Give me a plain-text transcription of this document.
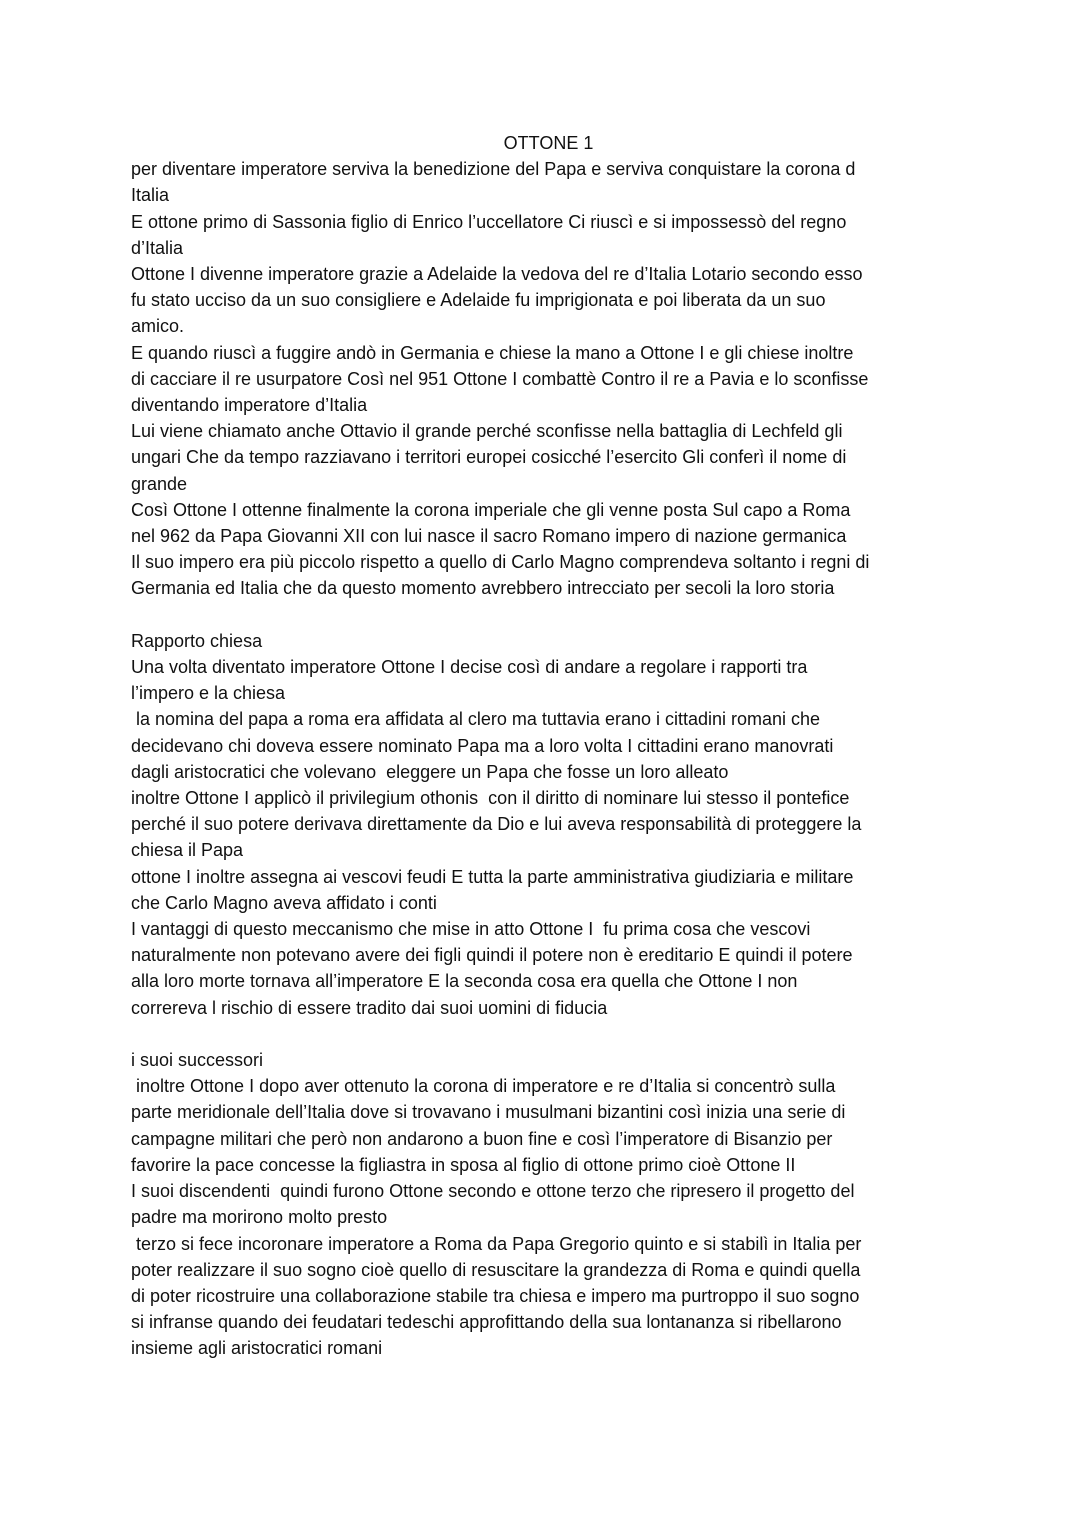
OTTONE 1
per diventare imperatore serviva la benedizione del Papa e serviva conquistare la corona d
Italia
E ottone primo di Sassonia figlio di Enrico l’uccellatore Ci riuscì e si impossessò del regno
d’Italia
Ottone I divenne imperatore grazie a Adelaide la vedova del re d’Italia Lotario secondo esso
fu stato ucciso da un suo consigliere e Adelaide fu imprigionata e poi liberata da un suo
amico.
E quando riuscì a fuggire andò in Germania e chiese la mano a Ottone I e gli chiese inoltre
di cacciare il re usurpatore Così nel 951 Ottone I combattè Contro il re a Pavia e lo sconfisse
diventando imperatore d’Italia
Lui viene chiamato anche Ottavio il grande perché sconfisse nella battaglia di Lechfeld gli
ungari Che da tempo razziavano i territori europei cosicché l’esercito Gli conferì il nome di
grande
Così Ottone I ottenne finalmente la corona imperiale che gli venne posta Sul capo a Roma
nel 962 da Papa Giovanni XII con lui nasce il sacro Romano impero di nazione germanica
Il suo impero era più piccolo rispetto a quello di Carlo Magno comprendeva soltanto i regni di
Germania ed Italia che da questo momento avrebbero intrecciato per secoli la loro storia
Rapporto chiesa
Una volta diventato imperatore Ottone I decise così di andare a regolare i rapporti tra
l’impero e la chiesa
la nomina del papa a roma era affidata al clero ma tuttavia erano i cittadini romani che
decidevano chi doveva essere nominato Papa ma a loro volta I cittadini erano manovrati
dagli aristocratici che volevano  eleggere un Papa che fosse un loro alleato
inoltre Ottone I applicò il privilegium othonis  con il diritto di nominare lui stesso il pontefice
perché il suo potere derivava direttamente da Dio e lui aveva responsabilità di proteggere la
chiesa il Papa
ottone I inoltre assegna ai vescovi feudi E tutta la parte amministrativa giudiziaria e militare
che Carlo Magno aveva affidato i conti
I vantaggi di questo meccanismo che mise in atto Ottone I  fu prima cosa che vescovi
naturalmente non potevano avere dei figli quindi il potere non è ereditario E quindi il potere
alla loro morte tornava all’imperatore E la seconda cosa era quella che Ottone I non
correreva l rischio di essere tradito dai suoi uomini di fiducia
i suoi successori
inoltre Ottone I dopo aver ottenuto la corona di imperatore e re d’Italia si concentrò sulla
parte meridionale dell’Italia dove si trovavano i musulmani bizantini così inizia una serie di
campagne militari che però non andarono a buon fine e così l’imperatore di Bisanzio per
favorire la pace concesse la figliastra in sposa al figlio di ottone primo cioè Ottone II
I suoi discendenti  quindi furono Ottone secondo e ottone terzo che ripresero il progetto del
padre ma morirono molto presto
terzo si fece incoronare imperatore a Roma da Papa Gregorio quinto e si stabilì in Italia per
poter realizzare il suo sogno cioè quello di resuscitare la grandezza di Roma e quindi quella
di poter ricostruire una collaborazione stabile tra chiesa e impero ma purtroppo il suo sogno
si infranse quando dei feudatari tedeschi approfittando della sua lontananza si ribellarono
insieme agli aristocratici romani
